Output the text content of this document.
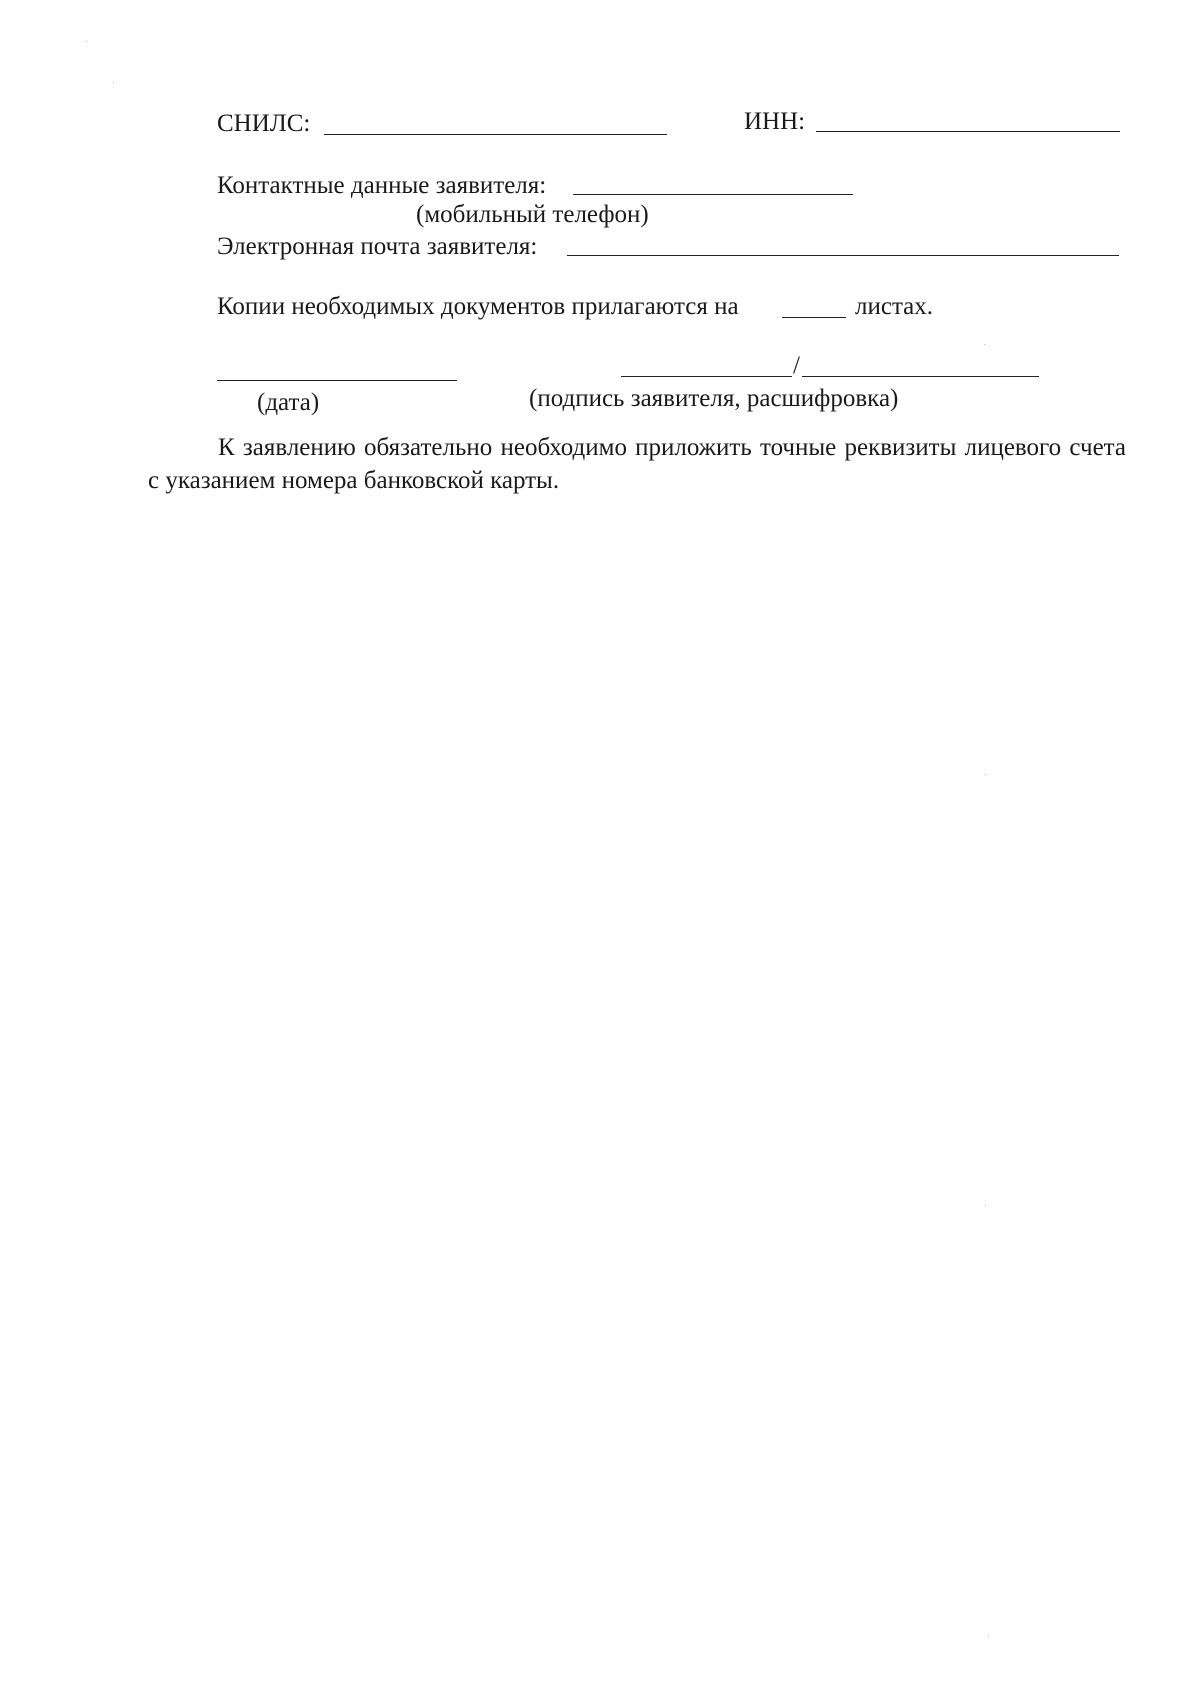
СНИЛС:	ИНН:
Контактные данные заявителя:
(мобильный телефон)
Электронная почта заявителя:
Копии необходимых документов прилагаются на	листах.
/
(дата)	(подпись заявителя, расшифровка)

К заявлению обязательно необходимо приложить точные реквизиты лицевого счета с указанием номера банковской карты.
